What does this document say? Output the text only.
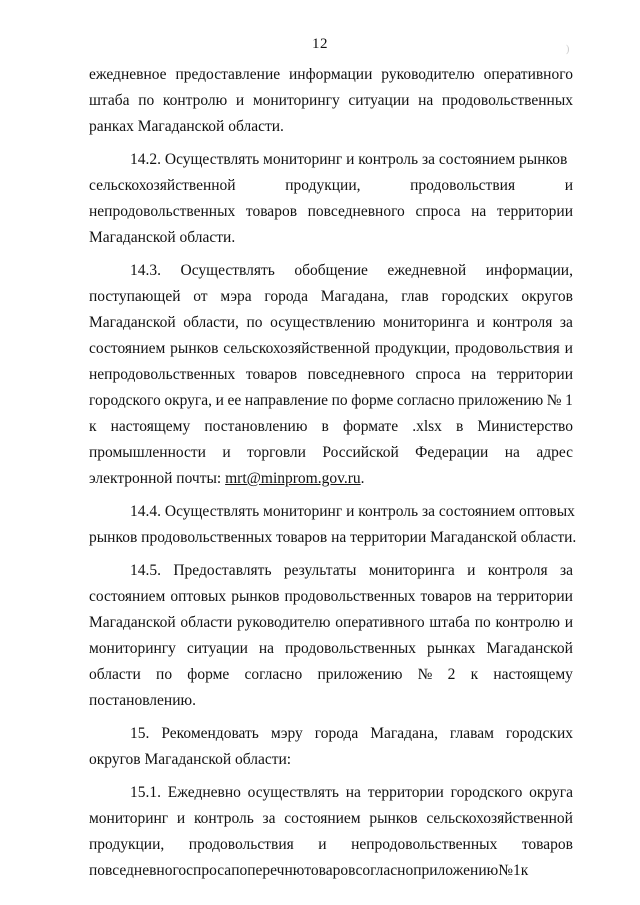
12	)
ежедневное предоставление информации руководителю оперативного
штаба по контролю и мониторингу ситуации на продовольственных
ранках Магаданской области.
14.2. Осуществлять мониторинг и контроль за состоянием рынков
сельскохозяйственной	продукции,	продовольствия	и
непродовольственных товаров повседневного спроса на территории
Магаданской области.
14.3. Осуществлять обобщение ежедневной информации,
поступающей от мэра города Магадана, глав городских округов
Магаданской области, по осуществлению мониторинга и контроля за
состоянием рынков сельскохозяйственной продукции, продовольствия и
непродовольственных товаров повседневного спроса на территории
городского округа, и ее направление по форме согласно приложению № 1
к настоящему постановлению в формате .xlsx в Министерство
промышленности и торговли Российской Федерации на адрес
электронной почты: mrt@minprom.gov.ru .
14.4. Осуществлять мониторинг и контроль за состоянием оптовых
рынков продовольственных товаров на территории Магаданской области.
14.5. Предоставлять результаты мониторинга и контроля за
состоянием оптовых рынков продовольственных товаров на территории
Магаданской области руководителю оперативного штаба по контролю и
мониторингу ситуации на продовольственных рынках Магаданской
области по форме согласно приложению № 2 к настоящему
постановлению.
15. Рекомендовать мэру города Магадана, главам городских
округов Магаданской области:
15.1. Ежедневно осуществлять на территории городского округа
мониторинг и контроль за состоянием рынков сельскохозяйственной
продукции, продовольствия и непродовольственных товаров
повседневного спроса по перечню товаров согласно приложению № 1 к
